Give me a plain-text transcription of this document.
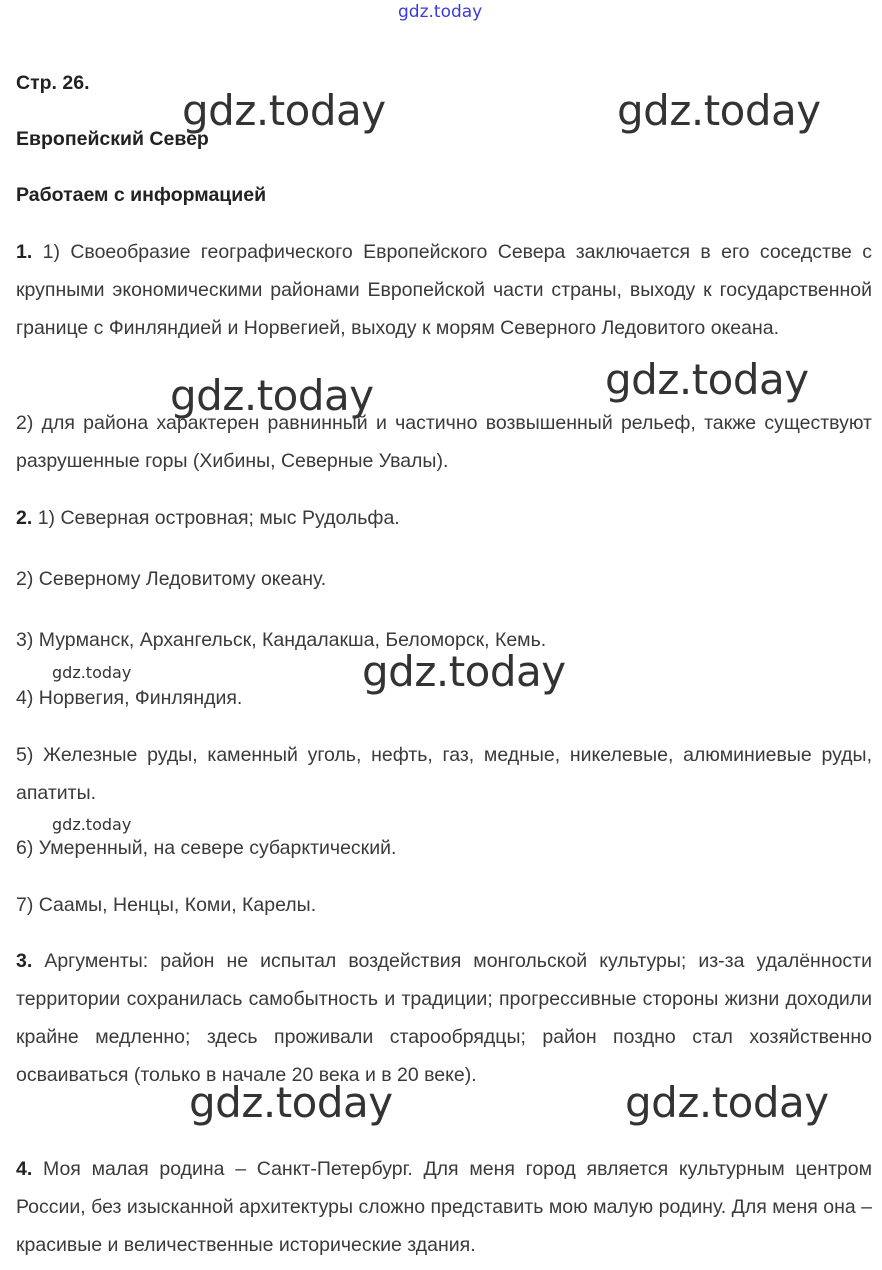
gdz.today
Стр. 26.
Европейский Север
Работаем с информацией
1. 1) Своеобразие географического Европейского Севера заключается в его соседстве с крупными экономическими районами Европейской части страны, выходу к государственной границе с Финляндией и Норвегией, выходу к морям Северного Ледовитого океана.
2) для района характерен равнинный и частично возвышенный рельеф, также существуют разрушенные горы (Хибины, Северные Увалы).
2. 1) Северная островная; мыс Рудольфа.
2) Северному Ледовитому океану.
3) Мурманск, Архангельск, Кандалакша, Беломорск, Кемь.
4) Норвегия, Финляндия.
5) Железные руды, каменный уголь, нефть, газ, медные, никелевые, алюминиевые руды, апатиты.
6) Умеренный, на севере субарктический.
7) Саамы, Ненцы, Коми, Карелы.
3. Аргументы: район не испытал воздействия монгольской культуры; из-за удалённости территории сохранилась самобытность и традиции; прогрессивные стороны жизни доходили крайне медленно; здесь проживали старообрядцы; район поздно стал хозяйственно осваиваться (только в начале 20 века и в 20 веке).
4. Моя малая родина – Санкт-Петербург. Для меня город является культурным центром России, без изысканной архитектуры сложно представить мою малую родину. Для меня она – красивые и величественные исторические здания.
gdz.today	gdz.today
gdz.today	gdz.today
gdz.today
gdz.today
gdz.today
gdz.today	gdz.today
